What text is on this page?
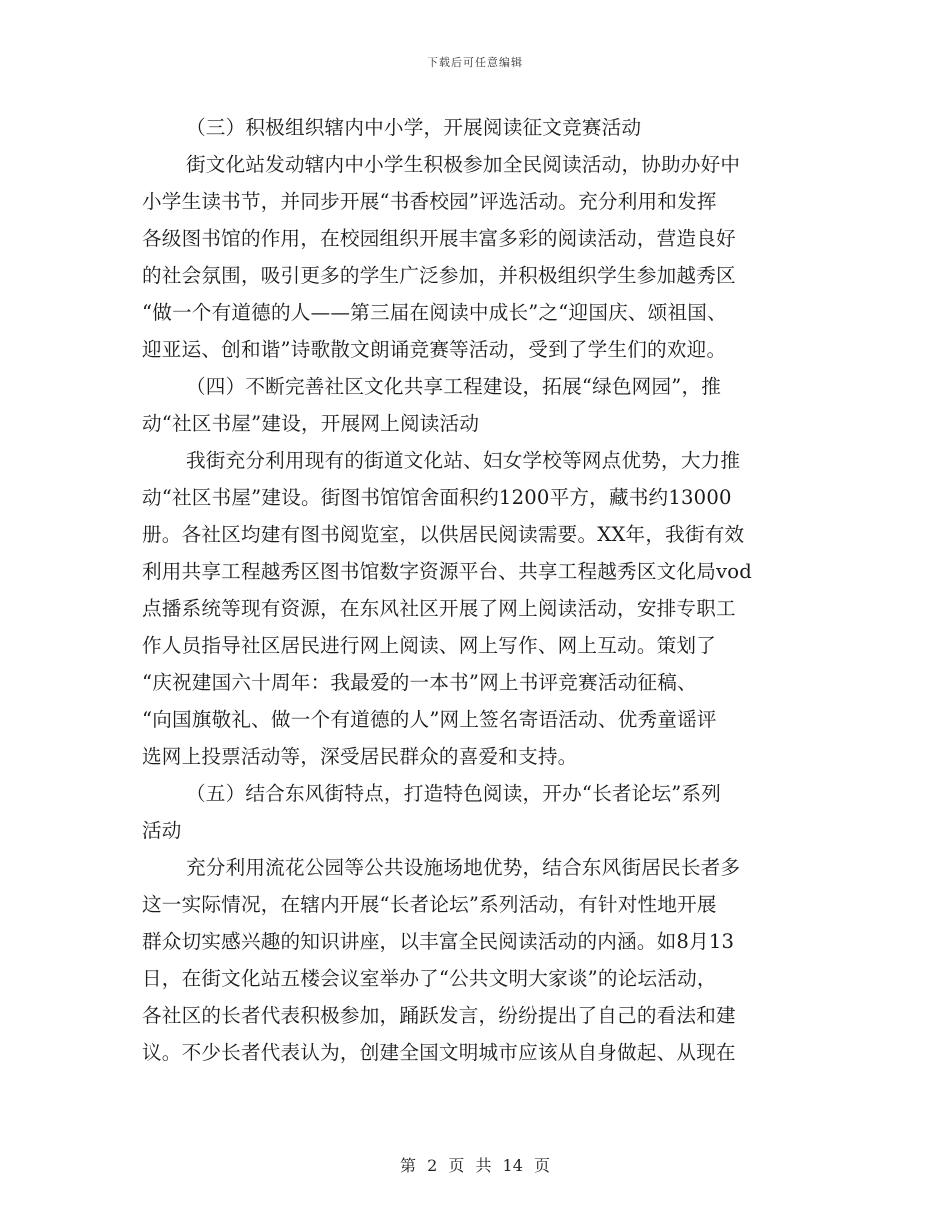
下载后可任意编辑
（三）积极组织辖内中小学，开展阅读征文竞赛活动
街文化站发动辖内中小学生积极参加全民阅读活动，协助办好中
小学生读书节，并同步开展“书香校园”评选活动。充分利用和发挥
各级图书馆的作用，在校园组织开展丰富多彩的阅读活动，营造良好
的社会氛围，吸引更多的学生广泛参加，并积极组织学生参加越秀区
“做一个有道德的人——第三届在阅读中成长”之“迎国庆、颂祖国、
迎亚运、创和谐”诗歌散文朗诵竞赛等活动，受到了学生们的欢迎。
（四）不断完善社区文化共享工程建设，拓展“绿色网园”，推
动“社区书屋”建设，开展网上阅读活动
我街充分利用现有的街道文化站、妇女学校等网点优势，大力推
动“社区书屋”建设。街图书馆馆舍面积约1200平方，藏书约13000
册。各社区均建有图书阅览室，以供居民阅读需要。XX年，我街有效
利用共享工程越秀区图书馆数字资源平台、共享工程越秀区文化局vod
点播系统等现有资源，在东风社区开展了网上阅读活动，安排专职工
作人员指导社区居民进行网上阅读、网上写作、网上互动。策划了
“庆祝建国六十周年：我最爱的一本书”网上书评竞赛活动征稿、
“向国旗敬礼、做一个有道德的人”网上签名寄语活动、优秀童谣评
选网上投票活动等，深受居民群众的喜爱和支持。
（五）结合东风街特点，打造特色阅读，开办“长者论坛”系列
活动
充分利用流花公园等公共设施场地优势，结合东风街居民长者多
这一实际情况，在辖内开展“长者论坛”系列活动，有针对性地开展
群众切实感兴趣的知识讲座，以丰富全民阅读活动的内涵。如8月13
日，在街文化站五楼会议室举办了“公共文明大家谈”的论坛活动，
各社区的长者代表积极参加，踊跃发言，纷纷提出了自己的看法和建
议。不少长者代表认为，创建全国文明城市应该从自身做起、从现在
第 2 页 共 14 页
